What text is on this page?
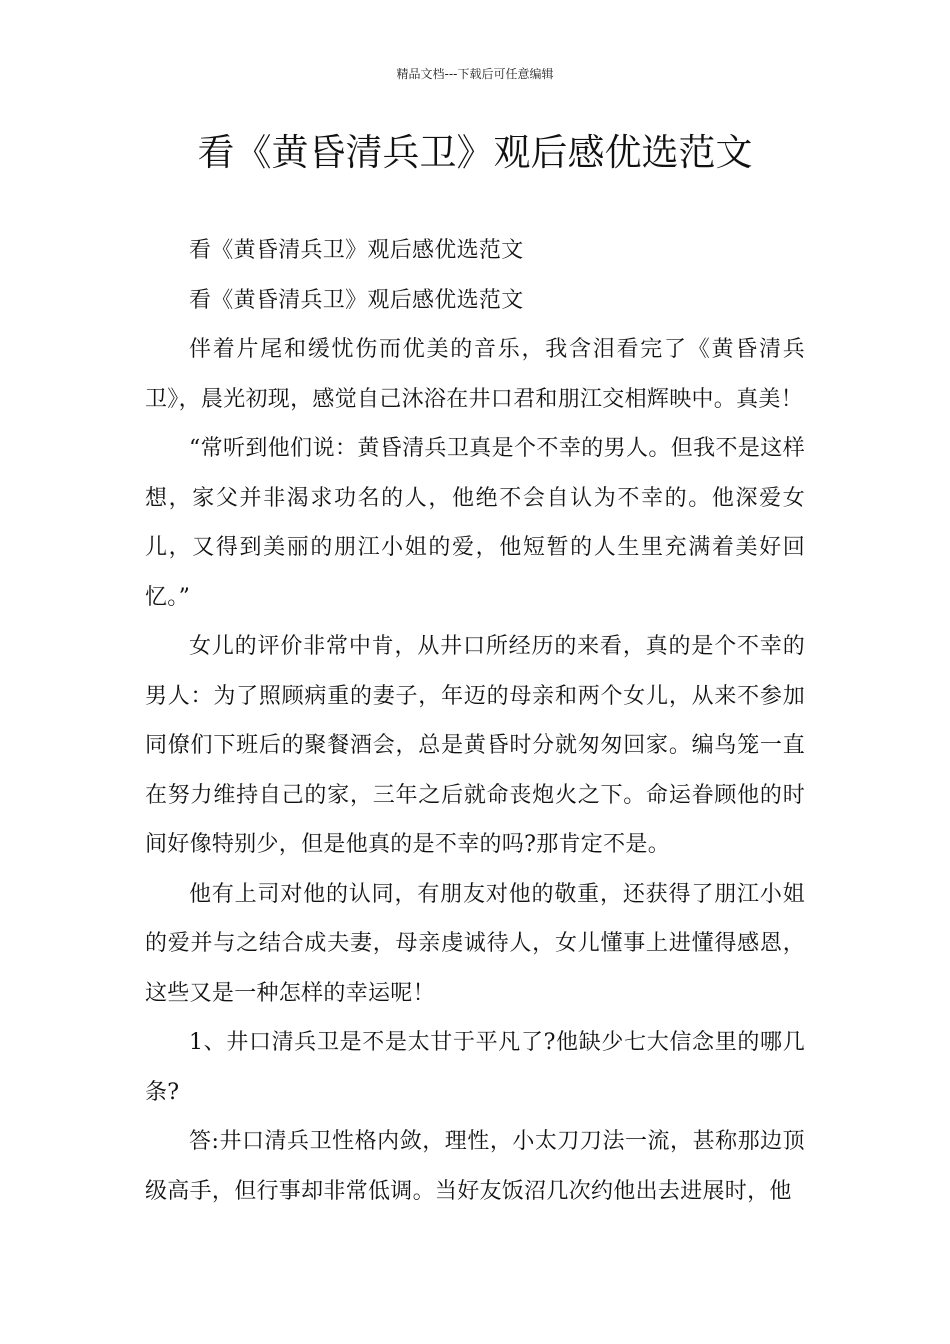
精品文档---下载后可任意编辑
看《黄昏清兵卫》观后感优选范文

看《黄昏清兵卫》观后感优选范文

看《黄昏清兵卫》观后感优选范文

伴着片尾和缓忧伤而优美的音乐，我含泪看完了《黄昏清兵卫》，晨光初现，感觉自己沐浴在井口君和朋江交相辉映中。真美！

“常听到他们说：黄昏清兵卫真是个不幸的男人。但我不是这样想，家父并非渴求功名的人，他绝不会自认为不幸的。他深爱女儿，又得到美丽的朋江小姐的爱，他短暂的人生里充满着美好回忆。”

女儿的评价非常中肯，从井口所经历的来看，真的是个不幸的男人：为了照顾病重的妻子，年迈的母亲和两个女儿，从来不参加同僚们下班后的聚餐酒会，总是黄昏时分就匆匆回家。编鸟笼一直在努力维持自己的家，三年之后就命丧炮火之下。命运眷顾他的时间好像特别少，但是他真的是不幸的吗?那肯定不是。

他有上司对他的认同，有朋友对他的敬重，还获得了朋江小姐的爱并与之结合成夫妻，母亲虔诚待人，女儿懂事上进懂得感恩，这些又是一种怎样的幸运呢！

1、井口清兵卫是不是太甘于平凡了?他缺少七大信念里的哪几条?

答:井口清兵卫性格内敛，理性，小太刀刀法一流，甚称那边顶级高手，但行事却非常低调。当好友饭沼几次约他出去进展时，他
